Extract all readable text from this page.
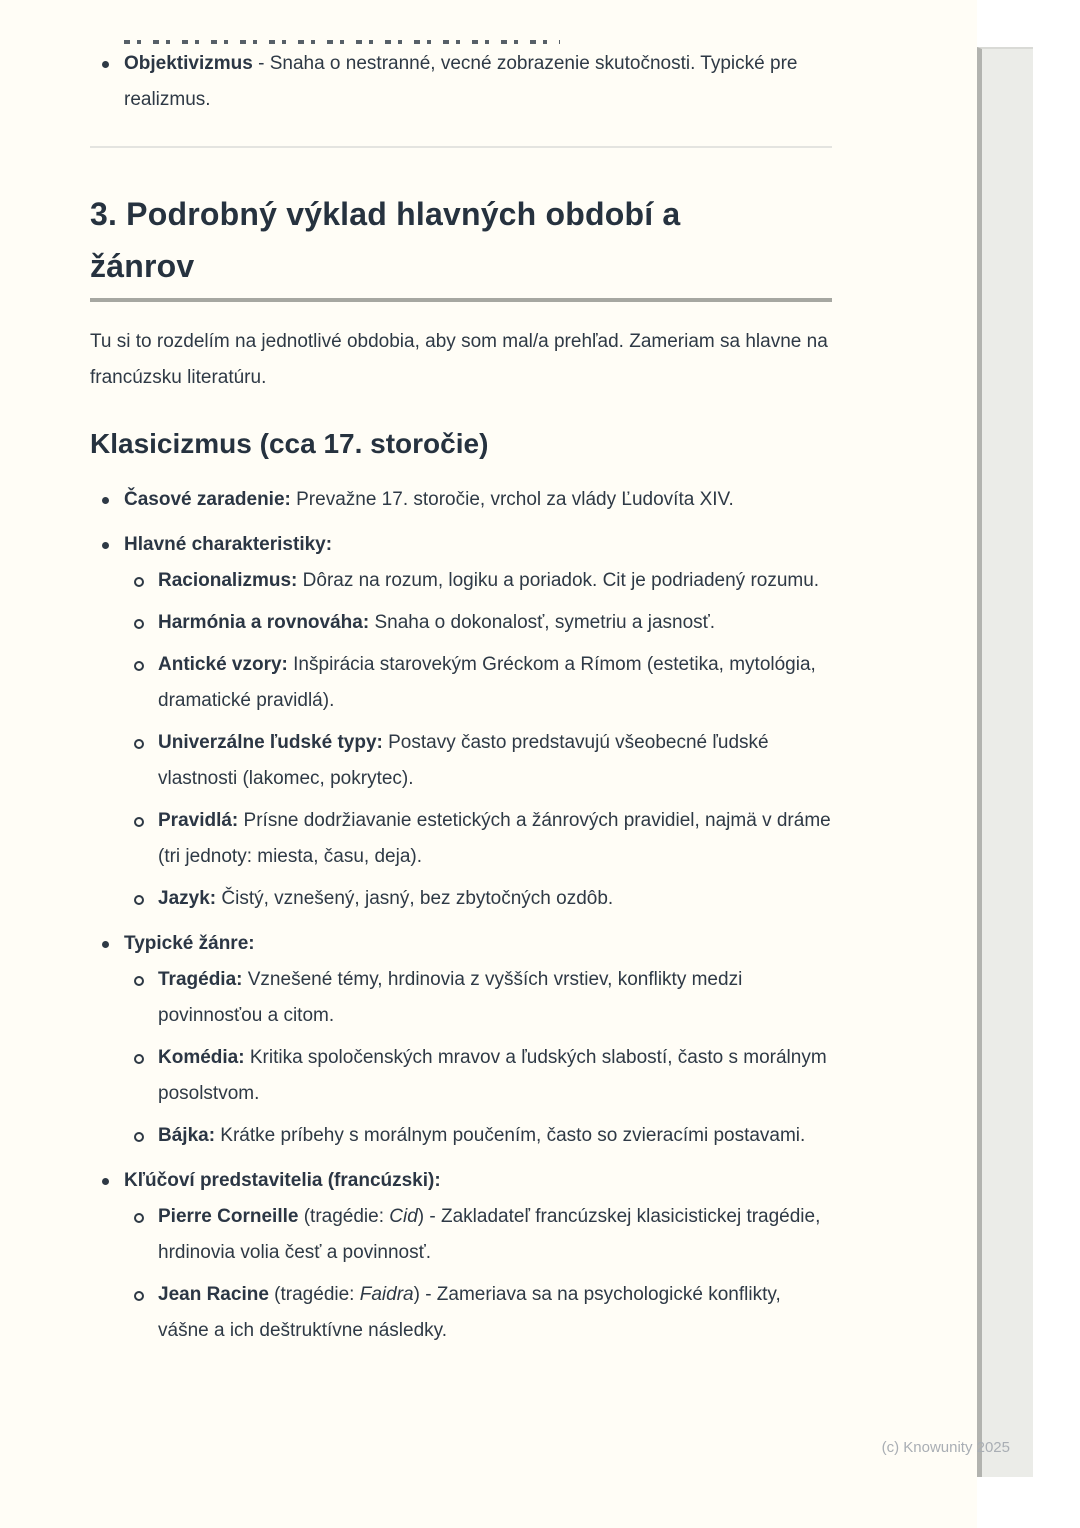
Objektivizmus - Snaha o nestranné, vecné zobrazenie skutočnosti. Typické pre realizmus.
3. Podrobný výklad hlavných období a žánrov

Tu si to rozdelím na jednotlivé obdobia, aby som mal/a prehľad. Zameriam sa hlavne na francúzsku literatúru.

Klasicizmus (cca 17. storočie)
Časové zaradenie: Prevažne 17. storočie, vrchol za vlády Ľudovíta XIV.
Hlavné charakteristiky:
Racionalizmus: Dôraz na rozum, logiku a poriadok. Cit je podriadený rozumu.
Harmónia a rovnováha: Snaha o dokonalosť, symetriu a jasnosť.
Antické vzory: Inšpirácia starovekým Gréckom a Rímom (estetika, mytológia, dramatické pravidlá).
Univerzálne ľudské typy: Postavy často predstavujú všeobecné ľudské vlastnosti (lakomec, pokrytec).
Pravidlá: Prísne dodržiavanie estetických a žánrových pravidiel, najmä v dráme (tri jednoty: miesta, času, deja).
Jazyk: Čistý, vznešený, jasný, bez zbytočných ozdôb.
Typické žánre:
Tragédia: Vznešené témy, hrdinovia z vyšších vrstiev, konflikty medzi povinnosťou a citom.
Komédia: Kritika spoločenských mravov a ľudských slabostí, často s morálnym posolstvom.
Bájka: Krátke príbehy s morálnym poučením, často so zvieracími postavami.
Kľúčoví predstavitelia (francúzski):
Pierre Corneille (tragédie: Cid) - Zakladateľ francúzskej klasicistickej tragédie, hrdinovia volia česť a povinnosť.
Jean Racine (tragédie: Faidra) - Zameriava sa na psychologické konflikty, vášne a ich deštruktívne následky.
(c) Knowunity 2025
